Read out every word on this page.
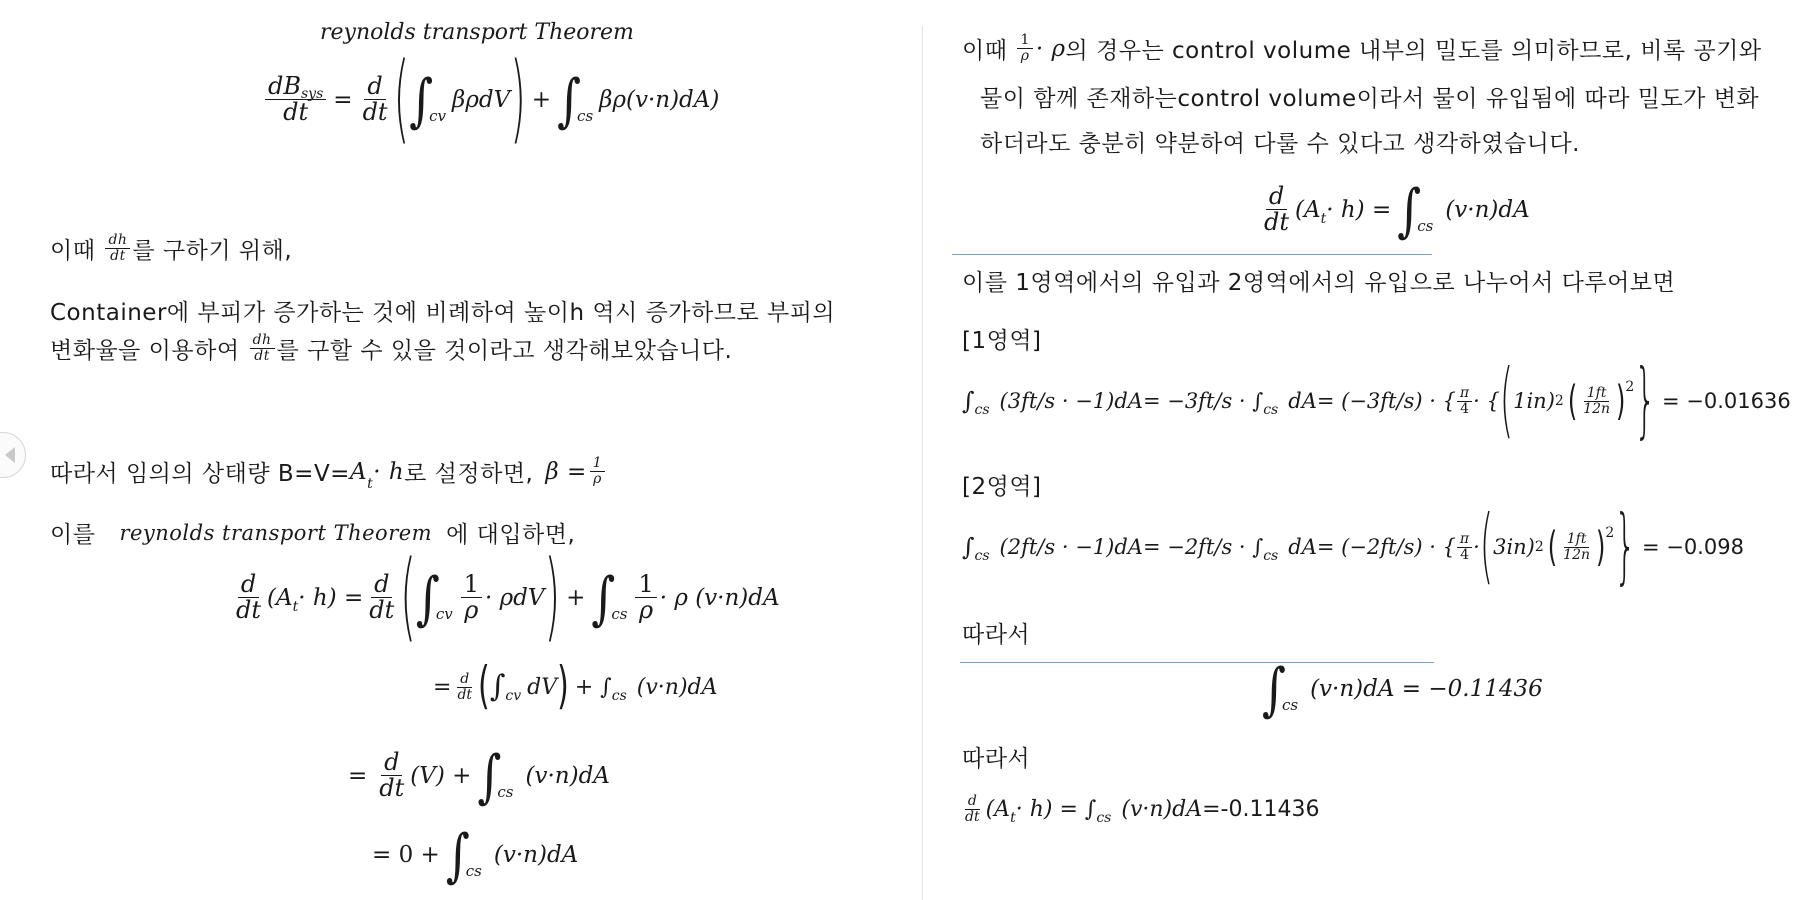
reynolds transport Theorem
$\frac{\text{dBsys}}{dt} = \frac{d}{dt}$ ( ∫
cv
βρdV ) + ∫
cs
βρ(v·n)dA)
이때 $\frac{dh}{dt}$ 를 구하기 위해,
Container에 부피가 증가하는 것에 비례하여 높이h 역시 증가하므로 부피의
변화율을 이용하여 $\frac{dh}{dt}$ 를 구할 수 있을 것이라고 생각해보았습니다.
따라서 임의의 상태량 $B=V= A_t\cdot h$ 로 설정하면, $\beta = \frac{1}{\rho}$
이를 reynolds transport Theorem 에 대입하면,
$\frac{d}{dt} (A$ $t \cdot h) = \frac{d}{dt}$ ( ∫
cv $\frac{1}{\rho} \cdot \rho dV$ ) + ∫
cs $\frac{1}{\rho} \cdot \rho$ (v·n)dA
= $\frac{d}{dt}$ ( ∫ cv dV ) + ∫ cs (v·n)dA
= $\frac{d}{dt} (V)$ + ∫
cs
(v·n)dA
= 0 + ∫
cs
(v·n)dA
이때 $\frac{1}{\rho} \cdot \rho$ 의 경우는 control volume 내부의 밀도를 의미하므로, 비록 공기와
물이 함께 존재하는control volume이라서 물이 유입됨에 따라 밀도가 변화
하더라도 충분히 약분하여 다룰 수 있다고 생각하였습니다.
$\frac{d}{dt} (A$ t · h) = ∫
cs
(v·n)dA
이를 1영역에서의 유입과 2영역에서의 유입으로 나누어서 다루어보면
[1영역]
∫ cs (3ft/s · −1)dA= −3ft/s · ∫ cs dA= (−3ft/s) · { $\frac{\pi}{4}$ · { ( 1in) 2 ( $\frac{1ft}{12n} )^2$ } = −0.01636
[2영역]
∫ cs (2ft/s · −1)dA= −2ft/s · ∫ cs dA= (−2ft/s) · { $\frac{\pi}{4}$ · ( 3in) 2 ( $\frac{1ft}{12n} )^2$ } = −0.098
따라서
∫
cs
(v·n)dA = −0.11436
따라서
$\frac{d}{dt} (A$ t · h) = ∫ cs (v·n)dA= -0.11436
